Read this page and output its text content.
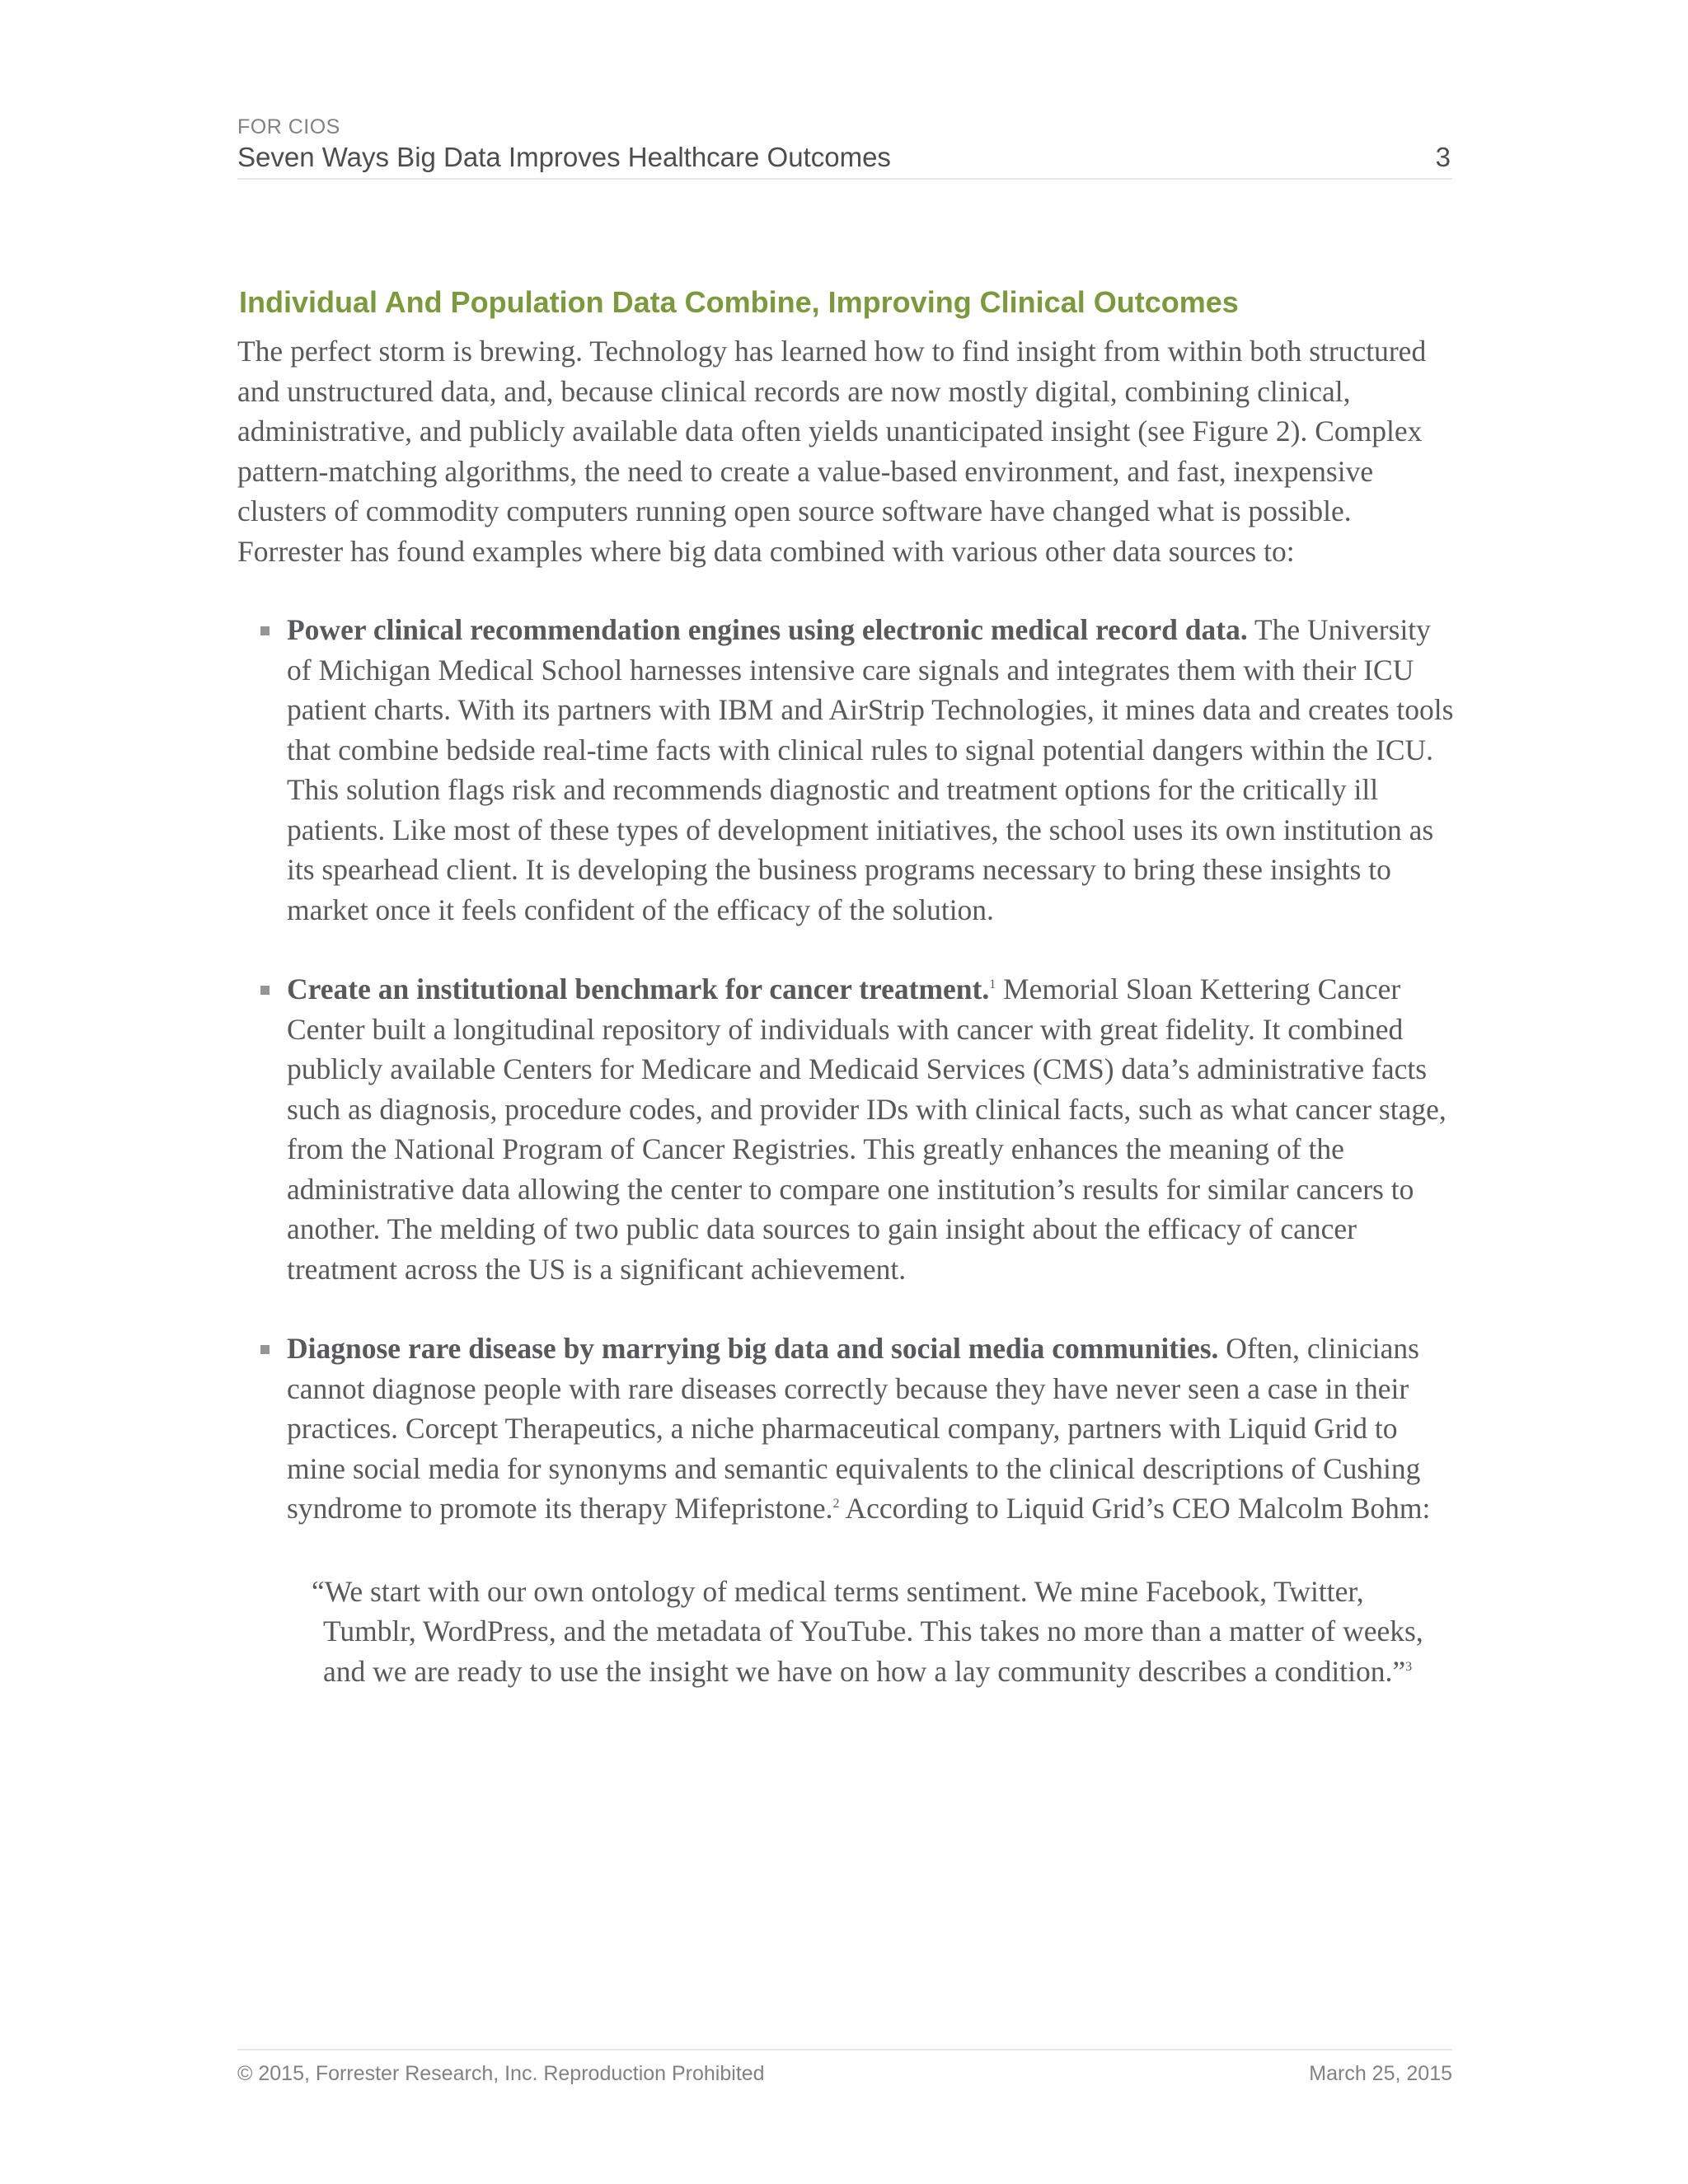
FOR CIOS
Seven Ways Big Data Improves Healthcare Outcomes	3
Individual And Population Data Combine, Improving Clinical Outcomes

The perfect storm is brewing. Technology has learned how to find insight from within both structured and unstructured data, and, because clinical records are now mostly digital, combining clinical, administrative, and publicly available data often yields unanticipated insight (see Figure 2). Complex pattern-matching algorithms, the need to create a value-based environment, and fast, inexpensive clusters of commodity computers running open source software have changed what is possible. Forrester has found examples where big data combined with various other data sources to:

Power clinical recommendation engines using electronic medical record data. The University of Michigan Medical School harnesses intensive care signals and integrates them with their ICU patient charts. With its partners with IBM and AirStrip Technologies, it mines data and creates tools that combine bedside real-time facts with clinical rules to signal potential dangers within the ICU. This solution flags risk and recommends diagnostic and treatment options for the critically ill patients. Like most of these types of development initiatives, the school uses its own institution as its spearhead client. It is developing the business programs necessary to bring these insights to market once it feels confident of the efficacy of the solution.
Create an institutional benchmark for cancer treatment.$^1$ Memorial Sloan Kettering Cancer Center built a longitudinal repository of individuals with cancer with great fidelity. It combined publicly available Centers for Medicare and Medicaid Services (CMS) data’s administrative facts such as diagnosis, procedure codes, and provider IDs with clinical facts, such as what cancer stage, from the National Program of Cancer Registries. This greatly enhances the meaning of the administrative data allowing the center to compare one institution’s results for similar cancers to another. The melding of two public data sources to gain insight about the efficacy of cancer treatment across the US is a significant achievement.
Diagnose rare disease by marrying big data and social media communities. Often, clinicians cannot diagnose people with rare diseases correctly because they have never seen a case in their practices. Corcept Therapeutics, a niche pharmaceutical company, partners with Liquid Grid to mine social media for synonyms and semantic equivalents to the clinical descriptions of Cushing syndrome to promote its therapy Mifepristone.$^2$ According to Liquid Grid’s CEO Malcolm Bohm:
“We start with our own ontology of medical terms sentiment. We mine Facebook, Twitter, Tumblr, WordPress, and the metadata of YouTube. This takes no more than a matter of weeks, and we are ready to use the insight we have on how a lay community describes a condition.”$^3$
© 2015, Forrester Research, Inc. Reproduction Prohibited	March 25, 2015
